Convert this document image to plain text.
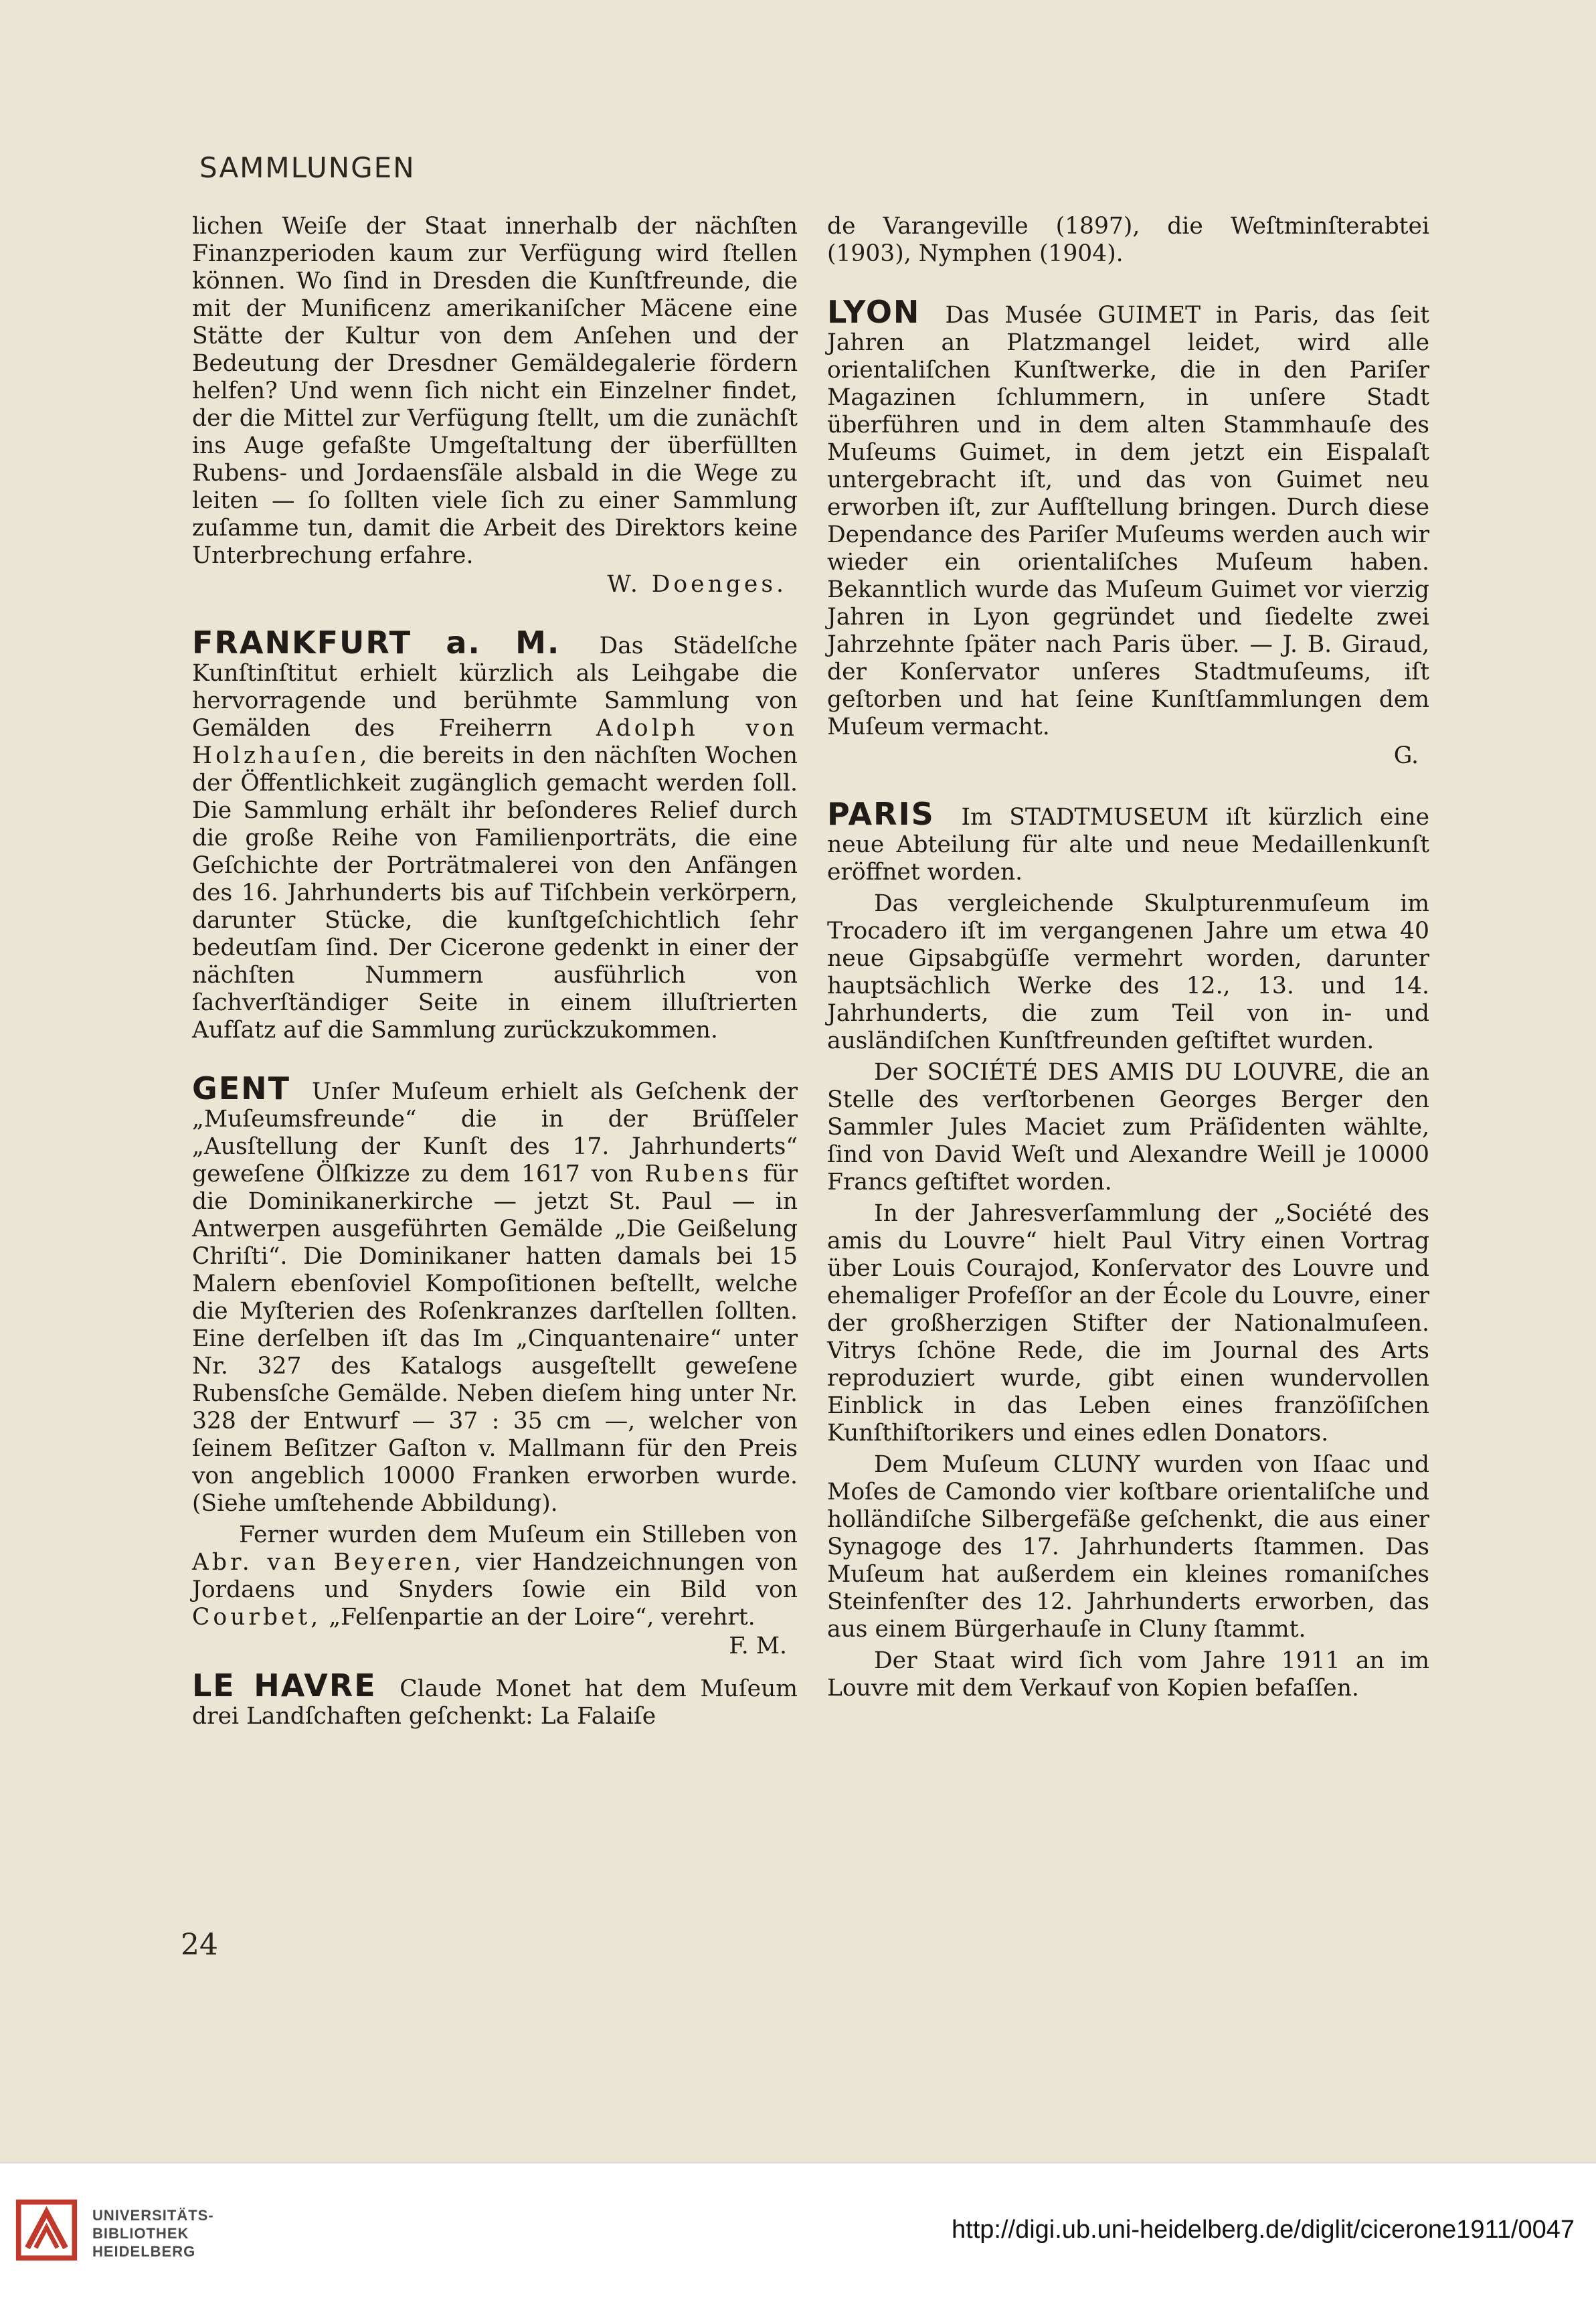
SAMMLUNGEN

lichen Weiſe der Staat innerhalb der nächſten Finanzperioden kaum zur Verfügung wird ſtellen können. Wo ſind in Dresden die Kunſtfreunde, die mit der Munificenz amerikaniſcher Mäcene eine Stätte der Kultur von dem Anſehen und der Bedeutung der Dresdner Gemäldegalerie fördern helfen? Und wenn ſich nicht ein Einzelner findet, der die Mittel zur Verfügung ſtellt, um die zunächſt ins Auge gefaßte Umgeſtaltung der überfüllten Rubens- und Jordaensſäle alsbald in die Wege zu leiten — ſo ſollten viele ſich zu einer Sammlung zuſamme tun, damit die Arbeit des Direktors keine Unterbrechung erfahre.

W. Doenges.

FRANKFURT a. M. Das Städelſche Kunſtinſtitut erhielt kürzlich als Leihgabe die hervorragende und berühmte Sammlung von Gemälden des Freiherrn Adolph von Holzhauſen, die bereits in den nächſten Wochen der Öffentlichkeit zugänglich gemacht werden ſoll. Die Sammlung erhält ihr beſonderes Relief durch die große Reihe von Familienporträts, die eine Geſchichte der Porträtmalerei von den Anfängen des 16. Jahrhunderts bis auf Tiſchbein verkörpern, darunter Stücke, die kunſtgeſchichtlich ſehr bedeutſam ſind. Der Cicerone gedenkt in einer der nächſten Nummern ausführlich von ſachverſtändiger Seite in einem illuſtrierten Aufſatz auf die Sammlung zurückzukommen.

GENT Unſer Muſeum erhielt als Geſchenk der „Muſeumsfreunde“ die in der Brüſſeler „Ausſtellung der Kunſt des 17. Jahrhunderts“ geweſene Ölſkizze zu dem 1617 von Rubens für die Dominikanerkirche — jetzt St. Paul — in Antwerpen ausgeführten Gemälde „Die Geißelung Chriſti“. Die Dominikaner hatten damals bei 15 Malern ebenſoviel Kompoſitionen beſtellt, welche die Myſterien des Roſenkranzes darſtellen ſollten. Eine derſelben iſt das Im „Cinquantenaire“ unter Nr. 327 des Katalogs ausgeſtellt geweſene Rubensſche Gemälde. Neben dieſem hing unter Nr. 328 der Entwurf — 37 : 35 cm —, welcher von ſeinem Beſitzer Gaſton v. Mallmann für den Preis von angeblich 10000 Franken erworben wurde. (Siehe umſtehende Abbildung).

Ferner wurden dem Muſeum ein Stilleben von Abr. van Beyeren, vier Handzeichnungen von Jordaens und Snyders ſowie ein Bild von Courbet, „Felſenpartie an der Loire“, verehrt.

F. M.

LE HAVRE Claude Monet hat dem Muſeum drei Landſchaften geſchenkt: La Falaiſe

de Varangeville (1897), die Weſtminſterabtei (1903), Nymphen (1904).

LYON Das Musée GUIMET in Paris, das ſeit Jahren an Platzmangel leidet, wird alle orientaliſchen Kunſtwerke, die in den Pariſer Magazinen ſchlummern, in unſere Stadt überführen und in dem alten Stammhauſe des Muſeums Guimet, in dem jetzt ein Eispalaſt untergebracht iſt, und das von Guimet neu erworben iſt, zur Aufſtellung bringen. Durch diese Dependance des Pariſer Muſeums werden auch wir wieder ein orientaliſches Muſeum haben. Bekanntlich wurde das Muſeum Guimet vor vierzig Jahren in Lyon gegründet und ſiedelte zwei Jahrzehnte ſpäter nach Paris über. — J. B. Giraud, der Konſervator unſeres Stadtmuſeums, iſt geſtorben und hat ſeine Kunſtſammlungen dem Muſeum vermacht.

G.

PARIS Im STADTMUSEUM iſt kürzlich eine neue Abteilung für alte und neue Medaillenkunſt eröffnet worden.

Das vergleichende Skulpturenmuſeum im Trocadero iſt im vergangenen Jahre um etwa 40 neue Gipsabgüſſe vermehrt worden, darunter hauptsächlich Werke des 12., 13. und 14. Jahrhunderts, die zum Teil von in- und ausländiſchen Kunſtfreunden geſtiftet wurden.

Der SOCIÉTÉ DES AMIS DU LOUVRE, die an Stelle des verſtorbenen Georges Berger den Sammler Jules Maciet zum Präſidenten wählte, ſind von David Weſt und Alexandre Weill je 10000 Francs geſtiftet worden.

In der Jahresverſammlung der „Société des amis du Louvre“ hielt Paul Vitry einen Vortrag über Louis Courajod, Konſervator des Louvre und ehemaliger Profeſſor an der École du Louvre, einer der großherzigen Stifter der Nationalmuſeen. Vitrys ſchöne Rede, die im Journal des Arts reproduziert wurde, gibt einen wundervollen Einblick in das Leben eines franzöſiſchen Kunſthiſtorikers und eines edlen Donators.

Dem Muſeum CLUNY wurden von Iſaac und Moſes de Camondo vier koſtbare orientaliſche und holländiſche Silbergefäße geſchenkt, die aus einer Synagoge des 17. Jahrhunderts ſtammen. Das Muſeum hat außerdem ein kleines romaniſches Steinfenſter des 12. Jahrhunderts erworben, das aus einem Bürgerhauſe in Cluny ſtammt.

Der Staat wird ſich vom Jahre 1911 an im Louvre mit dem Verkauf von Kopien befaſſen.

24
UNIVERSITÄTS-
BIBLIOTHEK
HEIDELBERG
http://digi.ub.uni-heidelberg.de/diglit/cicerone1911/0047
